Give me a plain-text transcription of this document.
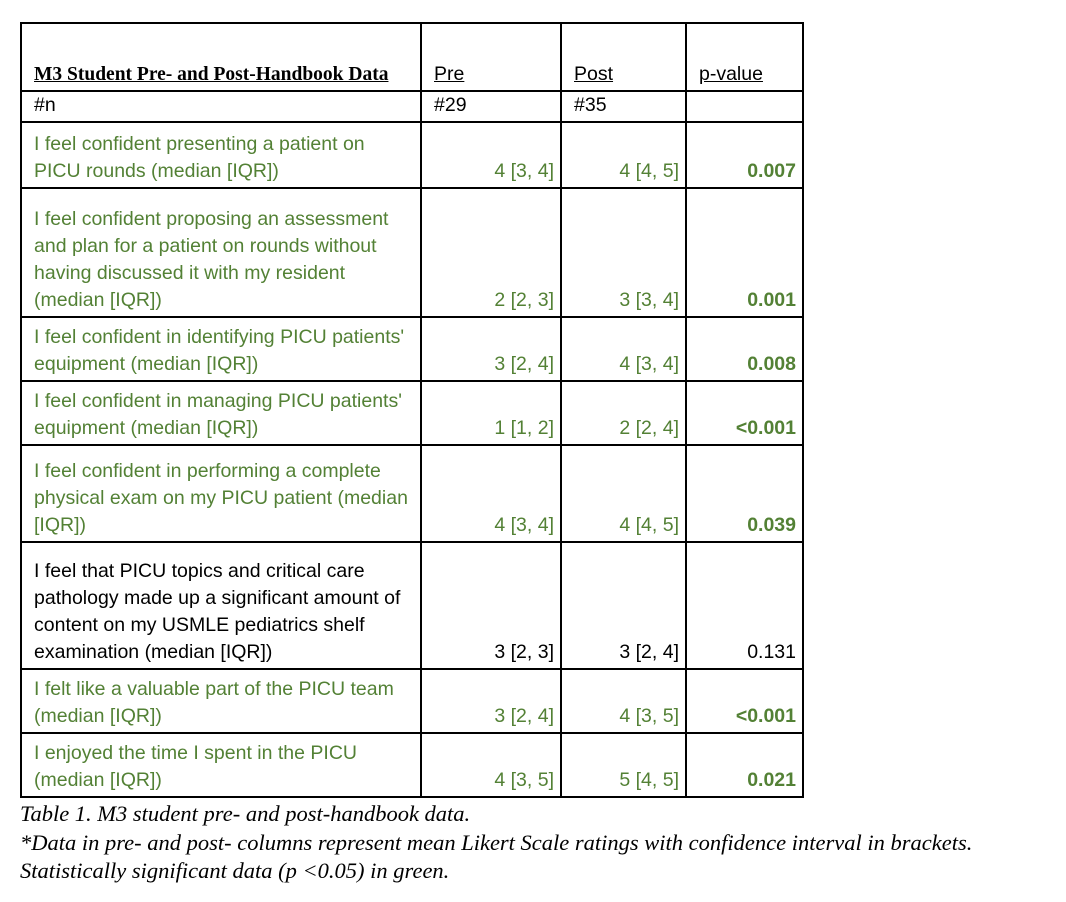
M3 Student Pre- and Post-Handbook Data	Pre	Post	p-value
#n	#29	#35	
I feel confident presenting a patient on PICU rounds (median [IQR])	4 [3, 4]	4 [4, 5]	0.007
I feel confident proposing an assessment and plan for a patient on rounds without having discussed it with my resident (median [IQR])	2 [2, 3]	3 [3, 4]	0.001
I feel confident in identifying PICU patients' equipment (median [IQR])	3 [2, 4]	4 [3, 4]	0.008
I feel confident in managing PICU patients' equipment (median [IQR])	1 [1, 2]	2 [2, 4]	<0.001
I feel confident in performing a complete physical exam on my PICU patient (median [IQR])	4 [3, 4]	4 [4, 5]	0.039
I feel that PICU topics and critical care pathology made up a significant amount of content on my USMLE pediatrics shelf examination (median [IQR])	3 [2, 3]	3 [2, 4]	0.131
I felt like a valuable part of the PICU team (median [IQR])	3 [2, 4]	4 [3, 5]	<0.001
I enjoyed the time I spent in the PICU (median [IQR])	4 [3, 5]	5 [4, 5]	0.021
Table 1. M3 student pre- and post-handbook data.
*Data in pre- and post- columns represent mean Likert Scale ratings with confidence interval in brackets.
Statistically significant data (p <0.05) in green.
